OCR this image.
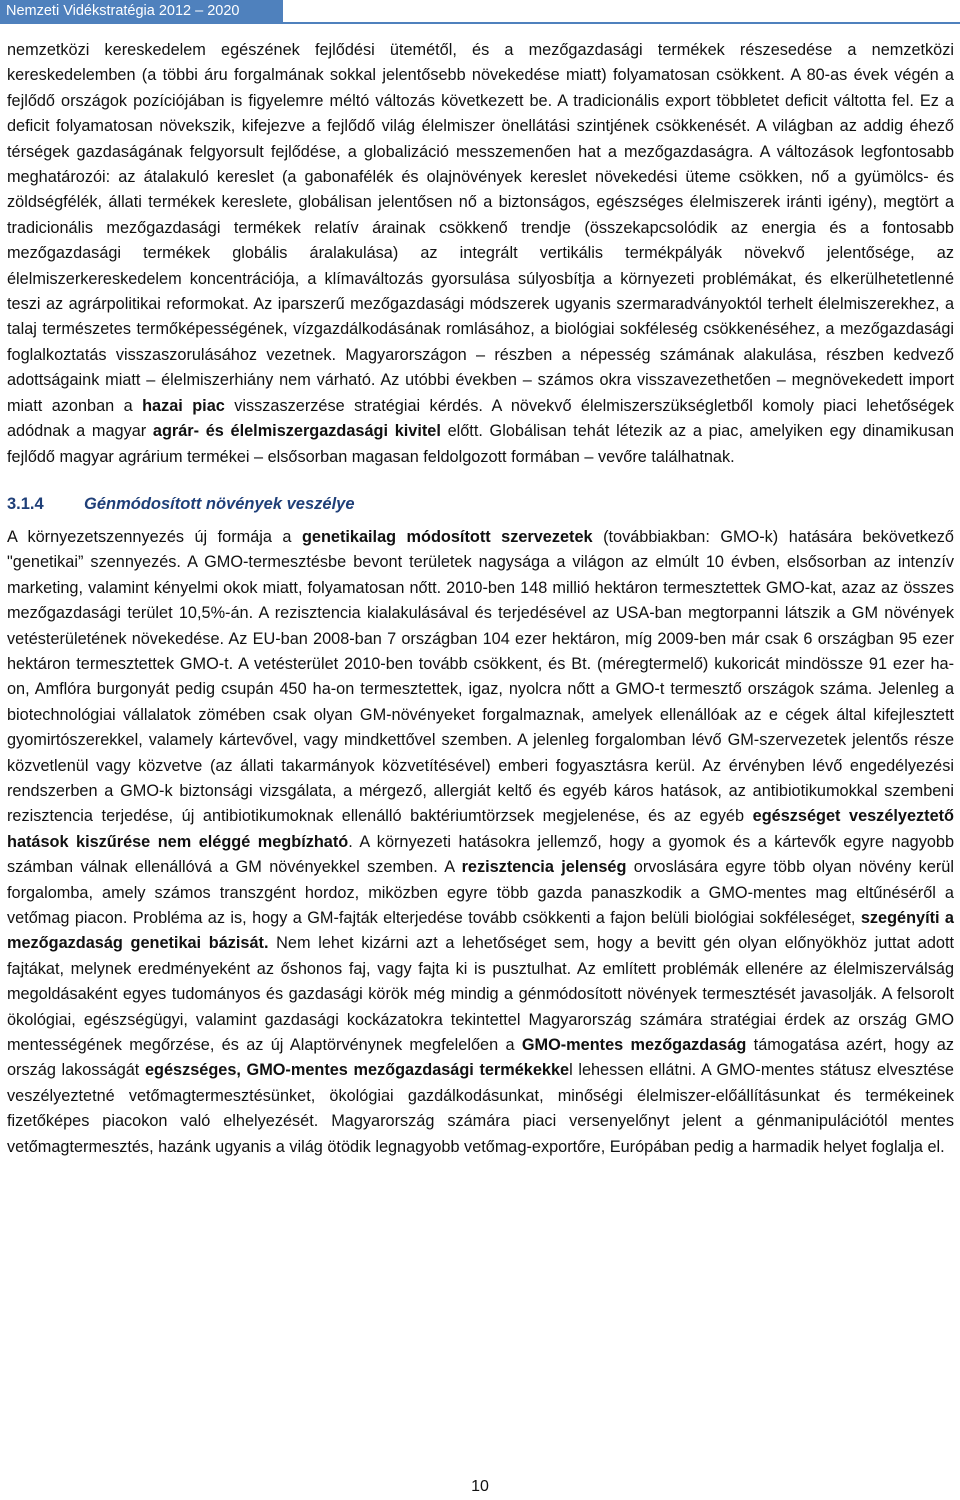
Nemzeti Vidékstratégia 2012 – 2020

nemzetközi kereskedelem egészének fejlődési ütemétől, és a mezőgazdasági termékek részesedése a nemzetközi kereskedelemben (a többi áru forgalmának sokkal jelentősebb növekedése miatt) folyamatosan csökkent. A 80-as évek végén a fejlődő országok pozíciójában is figyelemre méltó változás következett be. A tradicionális export többletet deficit váltotta fel. Ez a deficit folyamatosan növekszik, kifejezve a fejlődő világ élelmiszer önellátási szintjének csökkenését. A világban az addig éhező térségek gazdaságának felgyorsult fejlődése, a globalizáció messzemenően hat a mezőgazdaságra. A változások legfontosabb meghatározói: az átalakuló kereslet (a gabonafélék és olajnövények kereslet növekedési üteme csökken, nő a gyümölcs- és zöldségfélék, állati termékek kereslete, globálisan jelentősen nő a biztonságos, egészséges élelmiszerek iránti igény), megtört a tradicionális mezőgazdasági termékek relatív árainak csökkenő trendje (összekapcsolódik az energia és a fontosabb mezőgazdasági termékek globális áralakulása) az integrált vertikális termékpályák növekvő jelentősége, az élelmiszerkereskedelem koncentrációja, a klímaváltozás gyorsulása súlyosbítja a környezeti problémákat, és elkerülhetetlenné teszi az agrárpolitikai reformokat. Az iparszerű mezőgazdasági módszerek ugyanis szermaradványoktól terhelt élelmiszerekhez, a talaj természetes termőképességének, vízgazdálkodásának romlásához, a biológiai sokféleség csökkenéséhez, a mezőgazdasági foglalkoztatás visszaszorulásához vezetnek. Magyarországon – részben a népesség számának alakulása, részben kedvező adottságaink miatt – élelmiszerhiány nem várható. Az utóbbi években – számos okra visszavezethetően – megnövekedett import miatt azonban a hazai piac visszaszerzése stratégiai kérdés. A növekvő élelmiszerszükségletből komoly piaci lehetőségek adódnak a magyar agrár- és élelmiszergazdasági kivitel előtt. Globálisan tehát létezik az a piac, amelyiken egy dinamikusan fejlődő magyar agrárium termékei – elsősorban magasan feldolgozott formában – vevőre találhatnak.

3.1.4 Génmódosított növények veszélye

A környezetszennyezés új formája a genetikailag módosított szervezetek (továbbiakban: GMO-k) hatására bekövetkező "genetikai” szennyezés. A GMO-termesztésbe bevont területek nagysága a világon az elmúlt 10 évben, elsősorban az intenzív marketing, valamint kényelmi okok miatt, folyamatosan nőtt. 2010-ben 148 millió hektáron termesztettek GMO-kat, azaz az összes mezőgazdasági terület 10,5%-án. A rezisztencia kialakulásával és terjedésével az USA-ban megtorpanni látszik a GM növények vetésterületének növekedése. Az EU-ban 2008-ban 7 országban 104 ezer hektáron, míg 2009-ben már csak 6 országban 95 ezer hektáron termesztettek GMO-t. A vetésterület 2010-ben tovább csökkent, és Bt. (méregtermelő) kukoricát mindössze 91 ezer ha-on, Amflóra burgonyát pedig csupán 450 ha-on termesztettek, igaz, nyolcra nőtt a GMO-t termesztő országok száma. Jelenleg a biotechnológiai vállalatok zömében csak olyan GM-növényeket forgalmaznak, amelyek ellenállóak az e cégek által kifejlesztett gyomirtószerekkel, valamely kártevővel, vagy mindkettővel szemben. A jelenleg forgalomban lévő GM-szervezetek jelentős része közvetlenül vagy közvetve (az állati takarmányok közvetítésével) emberi fogyasztásra kerül. Az érvényben lévő engedélyezési rendszerben a GMO-k biztonsági vizsgálata, a mérgező, allergiát keltő és egyéb káros hatások, az antibiotikumokkal szembeni rezisztencia terjedése, új antibiotikumoknak ellenálló baktériumtörzsek megjelenése, és az egyéb egészséget veszélyeztető hatások kiszűrése nem eléggé megbízható. A környezeti hatásokra jellemző, hogy a gyomok és a kártevők egyre nagyobb számban válnak ellenállóvá a GM növényekkel szemben. A rezisztencia jelenség orvoslására egyre több olyan növény kerül forgalomba, amely számos transzgént hordoz, miközben egyre több gazda panaszkodik a GMO-mentes mag eltűnéséről a vetőmag piacon. Probléma az is, hogy a GM-fajták elterjedése tovább csökkenti a fajon belüli biológiai sokféleséget, szegényíti a mezőgazdaság genetikai bázisát. Nem lehet kizárni azt a lehetőséget sem, hogy a bevitt gén olyan előnyökhöz juttat adott fajtákat, melynek eredményeként az őshonos faj, vagy fajta ki is pusztulhat. Az említett problémák ellenére az élelmiszerválság megoldásaként egyes tudományos és gazdasági körök még mindig a génmódosított növények termesztését javasolják. A felsorolt ökológiai, egészségügyi, valamint gazdasági kockázatokra tekintettel Magyarország számára stratégiai érdek az ország GMO mentességének megőrzése, és az új Alaptörvénynek megfelelően a GMO-mentes mezőgazdaság támogatása azért, hogy az ország lakosságát egészséges, GMO-mentes mezőgazdasági termékekkel lehessen ellátni. A GMO-mentes státusz elvesztése veszélyeztetné vetőmagtermesztésünket, ökológiai gazdálkodásunkat, minőségi élelmiszer-előállításunkat és termékeinek fizetőképes piacokon való elhelyezését. Magyarország számára piaci versenyelőnyt jelent a génmanipulációtól mentes vetőmagtermesztés, hazánk ugyanis a világ ötödik legnagyobb vetőmag-exportőre, Európában pedig a harmadik helyet foglalja el.

10
